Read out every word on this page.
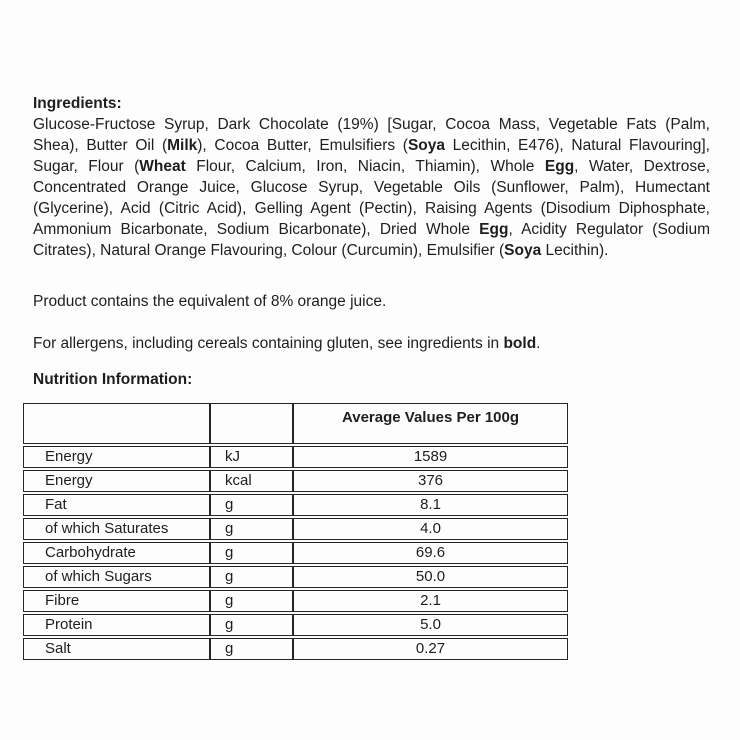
Ingredients:

Glucose-Fructose Syrup, Dark Chocolate (19%) [Sugar, Cocoa Mass, Vegetable Fats (Palm, Shea), Butter Oil (Milk), Cocoa Butter, Emulsifiers (Soya Lecithin, E476), Natural Flavouring], Sugar, Flour (Wheat Flour, Calcium, Iron, Niacin, Thiamin), Whole Egg, Water, Dextrose, Concentrated Orange Juice, Glucose Syrup, Vegetable Oils (Sunflower, Palm), Humectant (Glycerine), Acid (Citric Acid), Gelling Agent (Pectin), Raising Agents (Disodium Diphosphate, Ammonium Bicarbonate, Sodium Bicarbonate), Dried Whole Egg, Acidity Regulator (Sodium Citrates), Natural Orange Flavouring, Colour (Curcumin), Emulsifier (Soya Lecithin).

Product contains the equivalent of 8% orange juice.

For allergens, including cereals containing gluten, see ingredients in bold.

Nutrition Information:
		Average Values Per 100g
Energy	kJ	1589
Energy	kcal	376
Fat	g	8.1
of which Saturates	g	4.0
Carbohydrate	g	69.6
of which Sugars	g	50.0
Fibre	g	2.1
Protein	g	5.0
Salt	g	0.27
